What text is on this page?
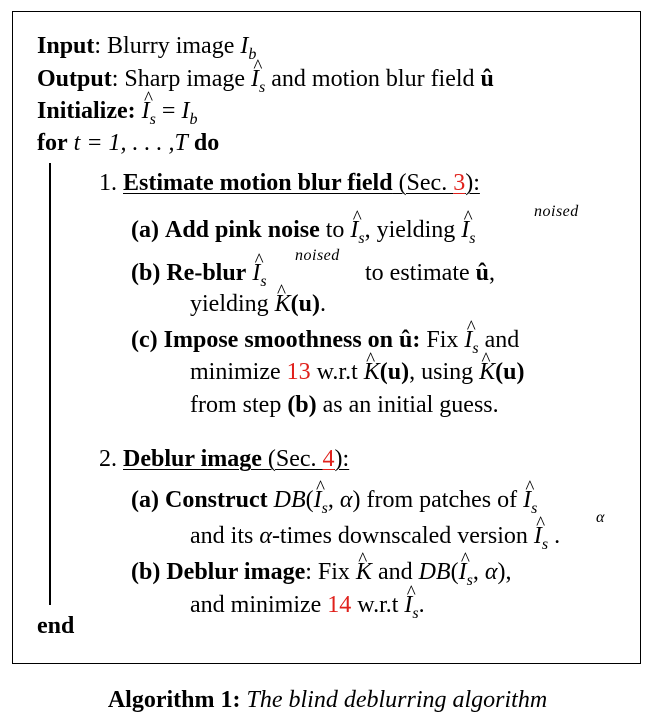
Input: Blurry image $I_b$
Output: Sharp image ^ $I_s$ and motion blur field û
Initialize: ^ $I_s = I_b$
for t = 1, . . . ,T do
1. Estimate motion blur field (Sec. 3):
(a) Add pink noise to ^ $I_s$, yielding ^ $I_s$
noised
(b) Re-blur ^ $I_s$
noised
to estimate û,
yielding ^ K(u).
(c) Impose smoothness on û: Fix ^ $I_s$ and
minimize 13 w.r.t ^ K(u), using ^ K(u)
from step (b) as an initial guess.
2. Deblur image (Sec. 4):
(a) Construct DB(^ $I_s$, α) from patches of ^ $I_s$
and its α-times downscaled version ^ $I_s$ .
α
(b) Deblur image: Fix ^ K and DB(^ $I_s$, α),
and minimize 14 w.r.t ^ $I_s$.
end
Algorithm 1: The blind deblurring algorithm
